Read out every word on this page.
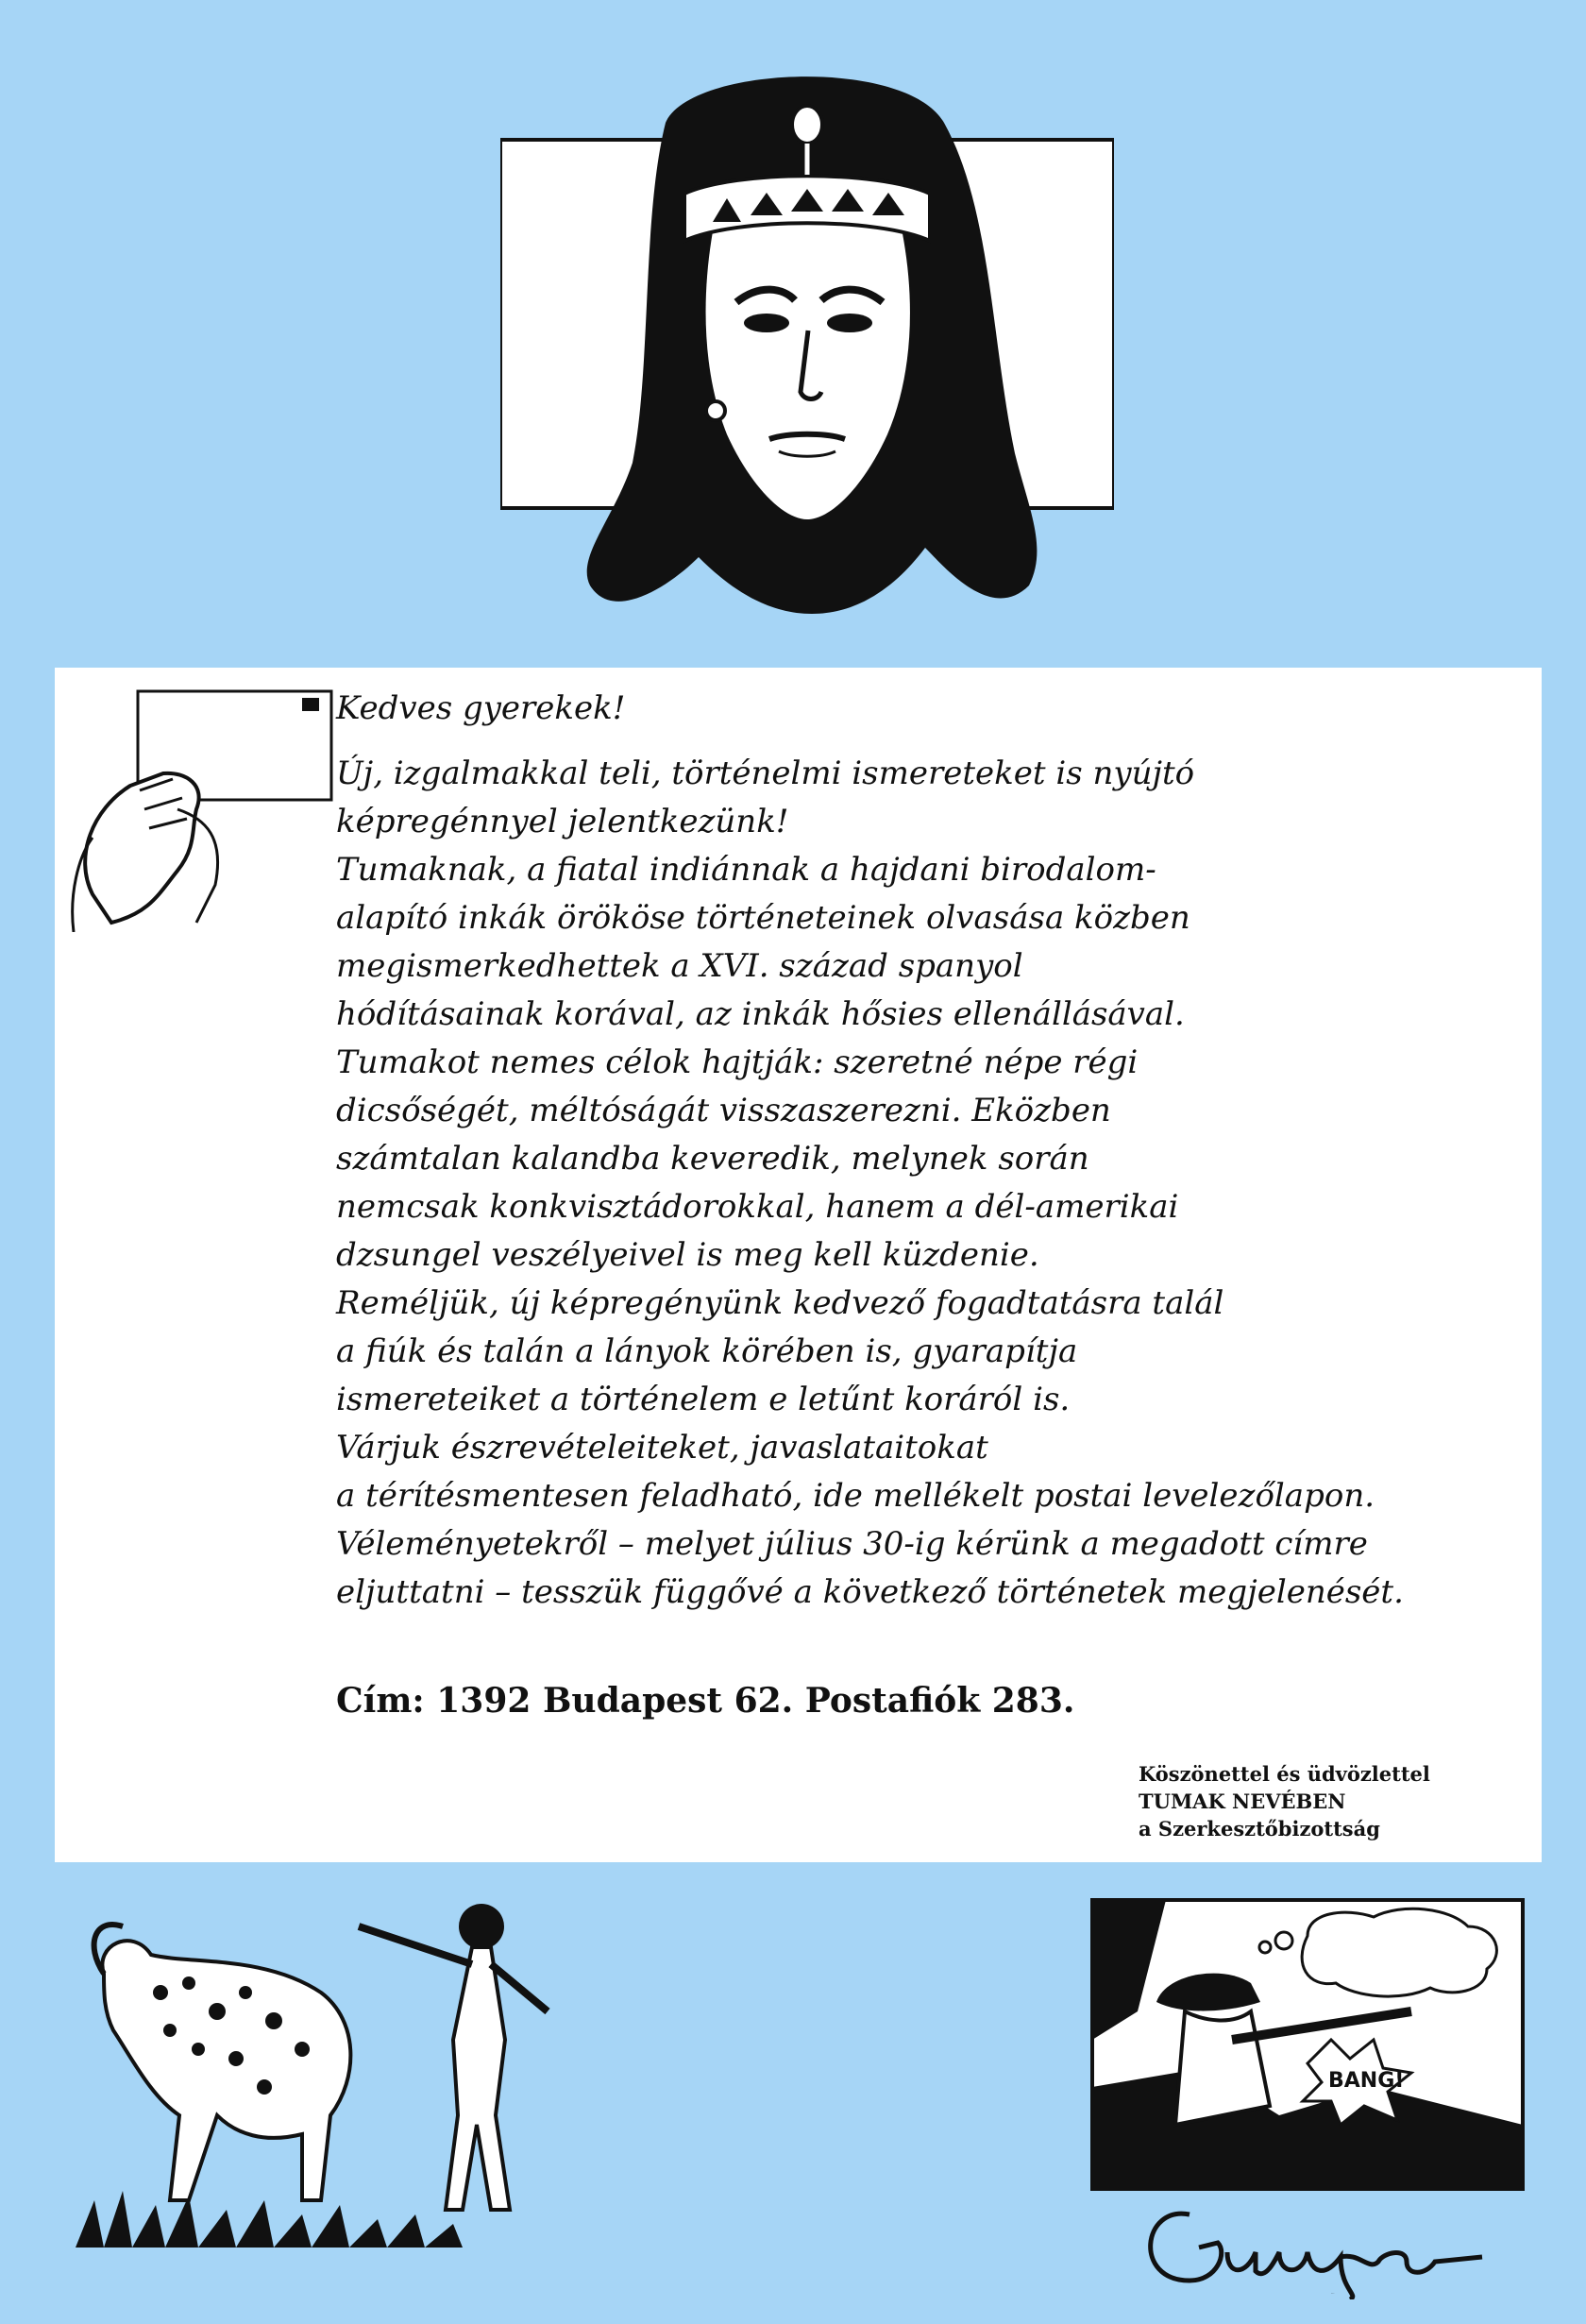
Kedves gyerekek!
Új, izgalmakkal teli, történelmi ismereteket is nyújtó
képregénnyel jelentkezünk!
Tumaknak, a fiatal indiánnak a hajdani birodalom-
alapító inkák örököse történeteinek olvasása közben
megismerkedhettek a XVI. század spanyol
hódításainak korával, az inkák hősies ellenállásával.
Tumakot nemes célok hajtják: szeretné népe régi
dicsőségét, méltóságát visszaszerezni. Eközben
számtalan kalandba keveredik, melynek során
nemcsak konkvisztádorokkal, hanem a dél-amerikai
dzsungel veszélyeivel is meg kell küzdenie.
Reméljük, új képregényünk kedvező fogadtatásra talál
a fiúk és talán a lányok körében is, gyarapítja
ismereteiket a történelem e letűnt koráról is.
Várjuk észrevételeiteket, javaslataitokat
a térítésmentesen feladható, ide mellékelt postai levelezőlapon.
Véleményetekről – melyet július 30-ig kérünk a megadott címre
eljuttatni – tesszük függővé a következő történetek megjelenését.
Cím: 1392 Budapest 62. Postafiók 283.
Köszönettel és üdvözlettel
TUMAK NEVÉBEN
a Szerkesztőbizottság
BANG!
Guaya
